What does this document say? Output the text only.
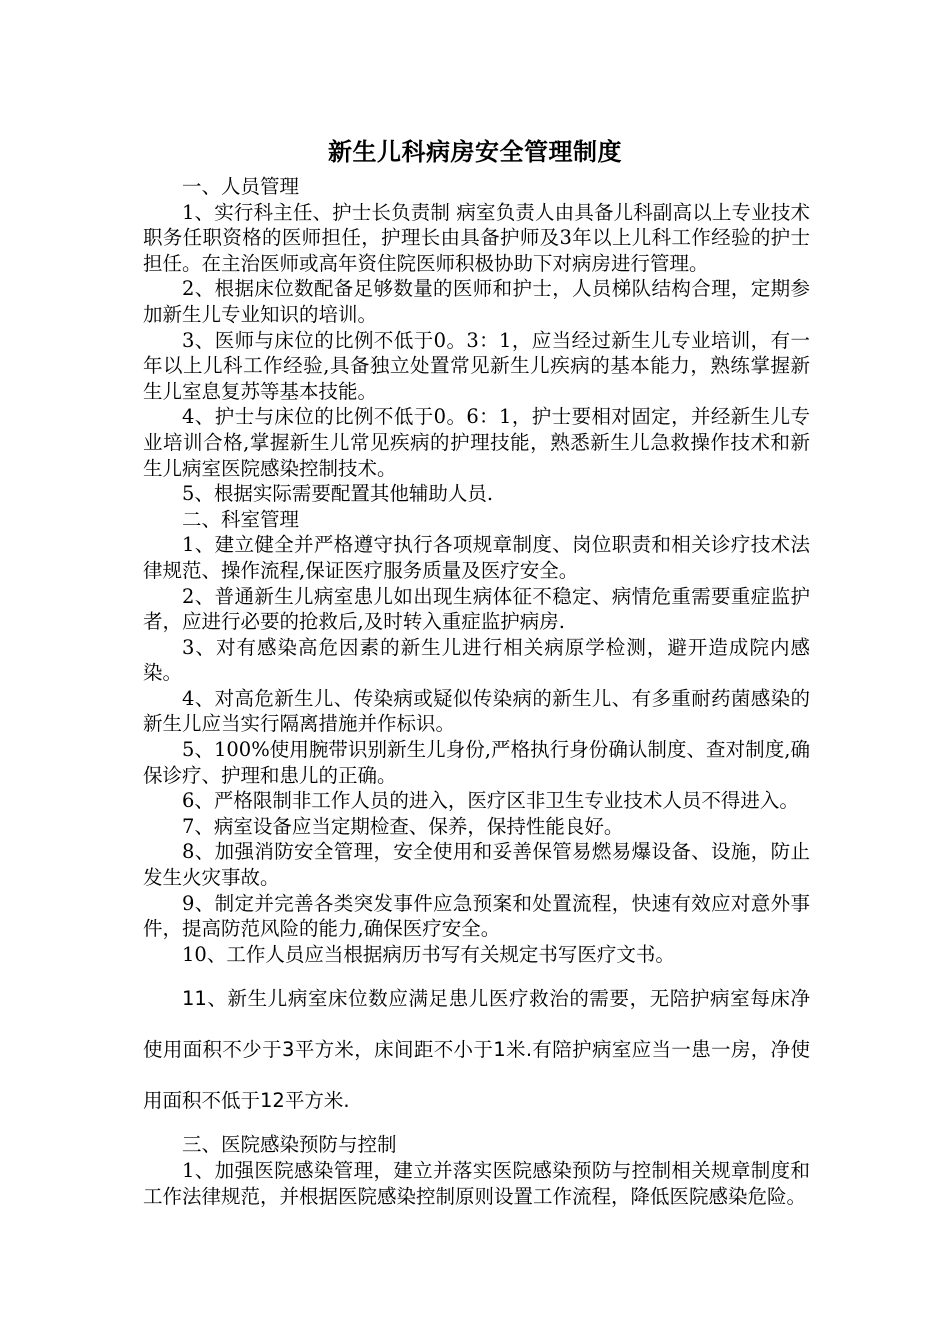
新生儿科病房安全管理制度

一、人员管理

1、实行科主任、护士长负责制 病室负责人由具备儿科副高以上专业技术职务任职资格的医师担任，护理长由具备护师及3年以上儿科工作经验的护士担任。在主治医师或高年资住院医师积极协助下对病房进行管理。

2、根据床位数配备足够数量的医师和护士，人员梯队结构合理，定期参加新生儿专业知识的培训。

3、医师与床位的比例不低于0。3：1，应当经过新生儿专业培训，有一年以上儿科工作经验,具备独立处置常见新生儿疾病的基本能力，熟练掌握新生儿室息复苏等基本技能。

4、护士与床位的比例不低于0。6：1，护士要相对固定，并经新生儿专业培训合格,掌握新生儿常见疾病的护理技能，熟悉新生儿急救操作技术和新生儿病室医院感染控制技术。

5、根据实际需要配置其他辅助人员.

二、科室管理

1、建立健全并严格遵守执行各项规章制度、岗位职责和相关诊疗技术法律规范、操作流程,保证医疗服务质量及医疗安全。

2、普通新生儿病室患儿如出现生病体征不稳定、病情危重需要重症监护者，应进行必要的抢救后,及时转入重症监护病房.

3、对有感染高危因素的新生儿进行相关病原学检测，避开造成院内感染。

4、对高危新生儿、传染病或疑似传染病的新生儿、有多重耐药菌感染的新生儿应当实行隔离措施并作标识。

5、100%使用腕带识别新生儿身份,严格执行身份确认制度、查对制度,确保诊疗、护理和患儿的正确。

6、严格限制非工作人员的进入，医疗区非卫生专业技术人员不得进入。

7、病室设备应当定期检查、保养，保持性能良好。

8、加强消防安全管理，安全使用和妥善保管易燃易爆设备、设施，防止发生火灾事故。

9、制定并完善各类突发事件应急预案和处置流程，快速有效应对意外事件，提高防范风险的能力,确保医疗安全。

10、工作人员应当根据病历书写有关规定书写医疗文书。

11、新生儿病室床位数应满足患儿医疗救治的需要，无陪护病室每床净使用面积不少于3平方米，床间距不小于1米.有陪护病室应当一患一房，净使用面积不低于12平方米.

三、医院感染预防与控制

1、加强医院感染管理，建立并落实医院感染预防与控制相关规章制度和工作法律规范，并根据医院感染控制原则设置工作流程，降低医院感染危险。
